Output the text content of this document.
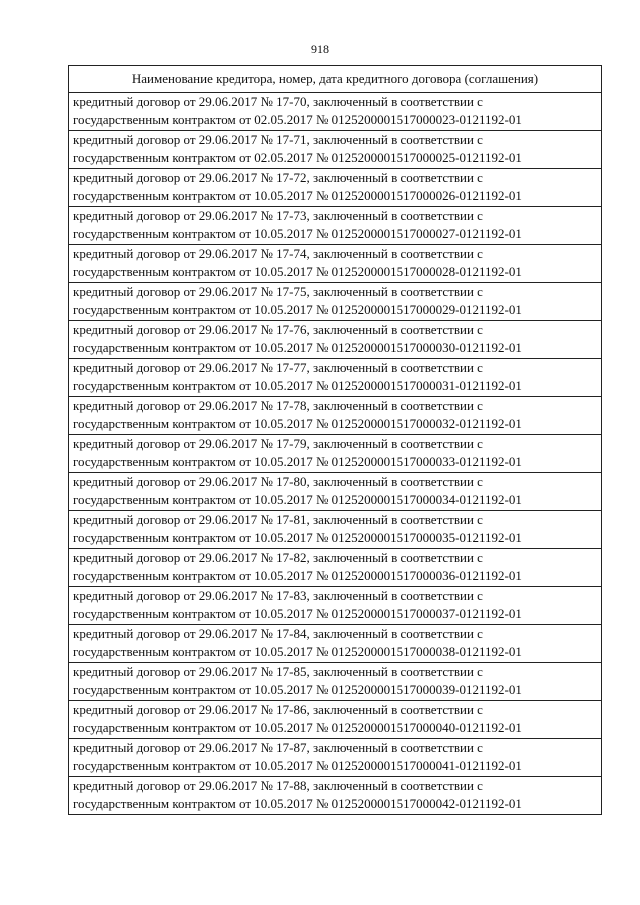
918
Наименование кредитора, номер, дата кредитного договора (соглашения)

кредитный договор от 29.06.2017 № 17-70, заключенный в соответствии с
государственным контрактом от 02.05.2017 № 0125200001517000023-0121192-01

кредитный договор от 29.06.2017 № 17-71, заключенный в соответствии с
государственным контрактом от 02.05.2017 № 0125200001517000025-0121192-01

кредитный договор от 29.06.2017 № 17-72, заключенный в соответствии с
государственным контрактом от 10.05.2017 № 0125200001517000026-0121192-01

кредитный договор от 29.06.2017 № 17-73, заключенный в соответствии с
государственным контрактом от 10.05.2017 № 0125200001517000027-0121192-01

кредитный договор от 29.06.2017 № 17-74, заключенный в соответствии с
государственным контрактом от 10.05.2017 № 0125200001517000028-0121192-01

кредитный договор от 29.06.2017 № 17-75, заключенный в соответствии с
государственным контрактом от 10.05.2017 № 0125200001517000029-0121192-01

кредитный договор от 29.06.2017 № 17-76, заключенный в соответствии с
государственным контрактом от 10.05.2017 № 0125200001517000030-0121192-01

кредитный договор от 29.06.2017 № 17-77, заключенный в соответствии с
государственным контрактом от 10.05.2017 № 0125200001517000031-0121192-01

кредитный договор от 29.06.2017 № 17-78, заключенный в соответствии с
государственным контрактом от 10.05.2017 № 0125200001517000032-0121192-01

кредитный договор от 29.06.2017 № 17-79, заключенный в соответствии с
государственным контрактом от 10.05.2017 № 0125200001517000033-0121192-01

кредитный договор от 29.06.2017 № 17-80, заключенный в соответствии с
государственным контрактом от 10.05.2017 № 0125200001517000034-0121192-01

кредитный договор от 29.06.2017 № 17-81, заключенный в соответствии с
государственным контрактом от 10.05.2017 № 0125200001517000035-0121192-01

кредитный договор от 29.06.2017 № 17-82, заключенный в соответствии с
государственным контрактом от 10.05.2017 № 0125200001517000036-0121192-01

кредитный договор от 29.06.2017 № 17-83, заключенный в соответствии с
государственным контрактом от 10.05.2017 № 0125200001517000037-0121192-01

кредитный договор от 29.06.2017 № 17-84, заключенный в соответствии с
государственным контрактом от 10.05.2017 № 0125200001517000038-0121192-01

кредитный договор от 29.06.2017 № 17-85, заключенный в соответствии с
государственным контрактом от 10.05.2017 № 0125200001517000039-0121192-01

кредитный договор от 29.06.2017 № 17-86, заключенный в соответствии с
государственным контрактом от 10.05.2017 № 0125200001517000040-0121192-01

кредитный договор от 29.06.2017 № 17-87, заключенный в соответствии с
государственным контрактом от 10.05.2017 № 0125200001517000041-0121192-01

кредитный договор от 29.06.2017 № 17-88, заключенный в соответствии с
государственным контрактом от 10.05.2017 № 0125200001517000042-0121192-01
